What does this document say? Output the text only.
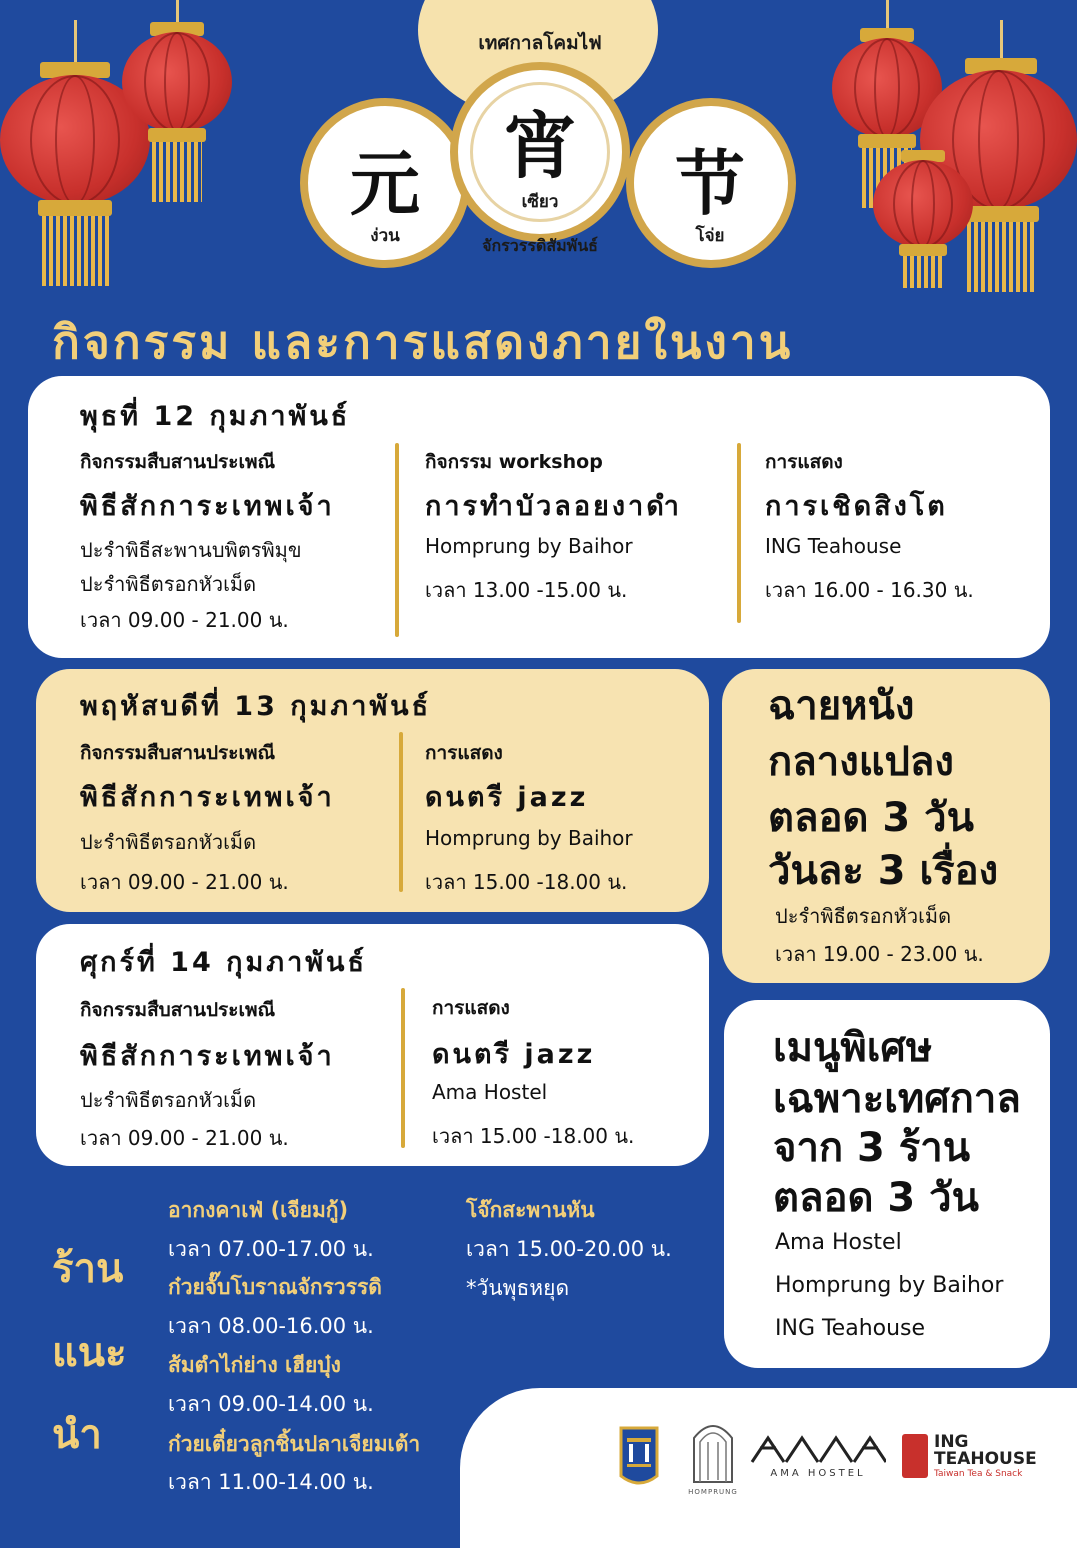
เทศกาลโคมไฟ
元
ง่วน
宵
เซียว	节
โจ่ย
จักรวรรดิสัมพันธ์
กิจกรรม และการแสดงภายในงาน
พุธที่ 12 กุมภาพันธ์
กิจกรรมสืบสานประเพณี
พิธีสักการะเทพเจ้า
ปะรำพิธีสะพานบพิตรพิมุข
ปะรำพิธีตรอกหัวเม็ด
เวลา 09.00 - 21.00 น.
กิจกรรม workshop
การทำบัวลอยงาดำ
Homprung by Baihor
เวลา 13.00 -15.00 น.
การแสดง
การเชิดสิงโต
ING Teahouse
เวลา 16.00 - 16.30 น.
พฤหัสบดีที่ 13 กุมภาพันธ์
กิจกรรมสืบสานประเพณี
พิธีสักการะเทพเจ้า
ปะรำพิธีตรอกหัวเม็ด
เวลา 09.00 - 21.00 น.
การแสดง
ดนตรี jazz
Homprung by Baihor
เวลา 15.00 -18.00 น.
ศุกร์ที่ 14 กุมภาพันธ์
กิจกรรมสืบสานประเพณี
พิธีสักการะเทพเจ้า
ปะรำพิธีตรอกหัวเม็ด
เวลา 09.00 - 21.00 น.
การแสดง
ดนตรี jazz
Ama Hostel
เวลา 15.00 -18.00 น.
ฉายหนัง
กลางแปลง
ตลอด 3 วัน
วันละ 3 เรื่อง
ปะรำพิธีตรอกหัวเม็ด
เวลา 19.00 - 23.00 น.
เมนูพิเศษ
เฉพาะเทศกาล
จาก 3 ร้าน
ตลอด 3 วัน
Ama Hostel
Homprung by Baihor
ING Teahouse
ร้าน
แนะ
นำ
อากงคาเฟ่ (เจียมกู้)
เวลา 07.00-17.00 น.
ก๋วยจั๊บโบราณจักรวรรดิ
เวลา 08.00-16.00 น.
ส้มตำไก่ย่าง เฮียบุ๋ง
เวลา 09.00-14.00 น.
ก๋วยเตี๋ยวลูกชิ้นปลาเจียมเต้า
เวลา 11.00-14.00 น.
โจ๊กสะพานหัน
เวลา 15.00-20.00 น.
*วันพุธหยุด
HOMPRUNG
AMA HOSTEL
ING
TEAHOUSE
Taiwan Tea & Snack
